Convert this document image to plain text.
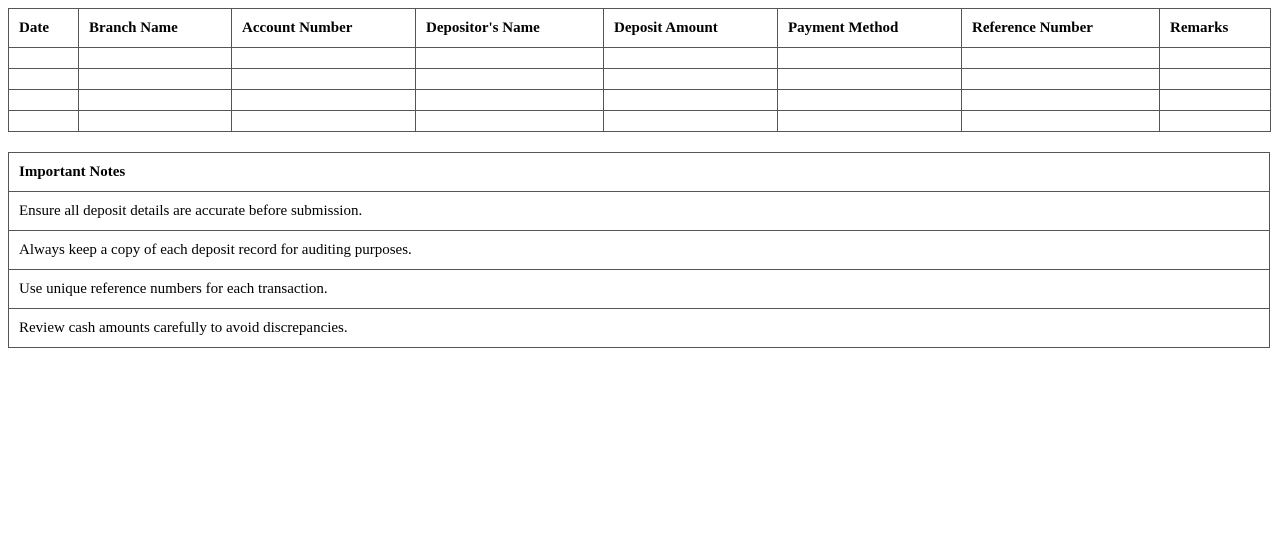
Date	Branch Name	Account Number	Depositor's Name	Deposit Amount	Payment Method	Reference Number	Remarks

Important Notes
Ensure all deposit details are accurate before submission.
Always keep a copy of each deposit record for auditing purposes.
Use unique reference numbers for each transaction.
Review cash amounts carefully to avoid discrepancies.
